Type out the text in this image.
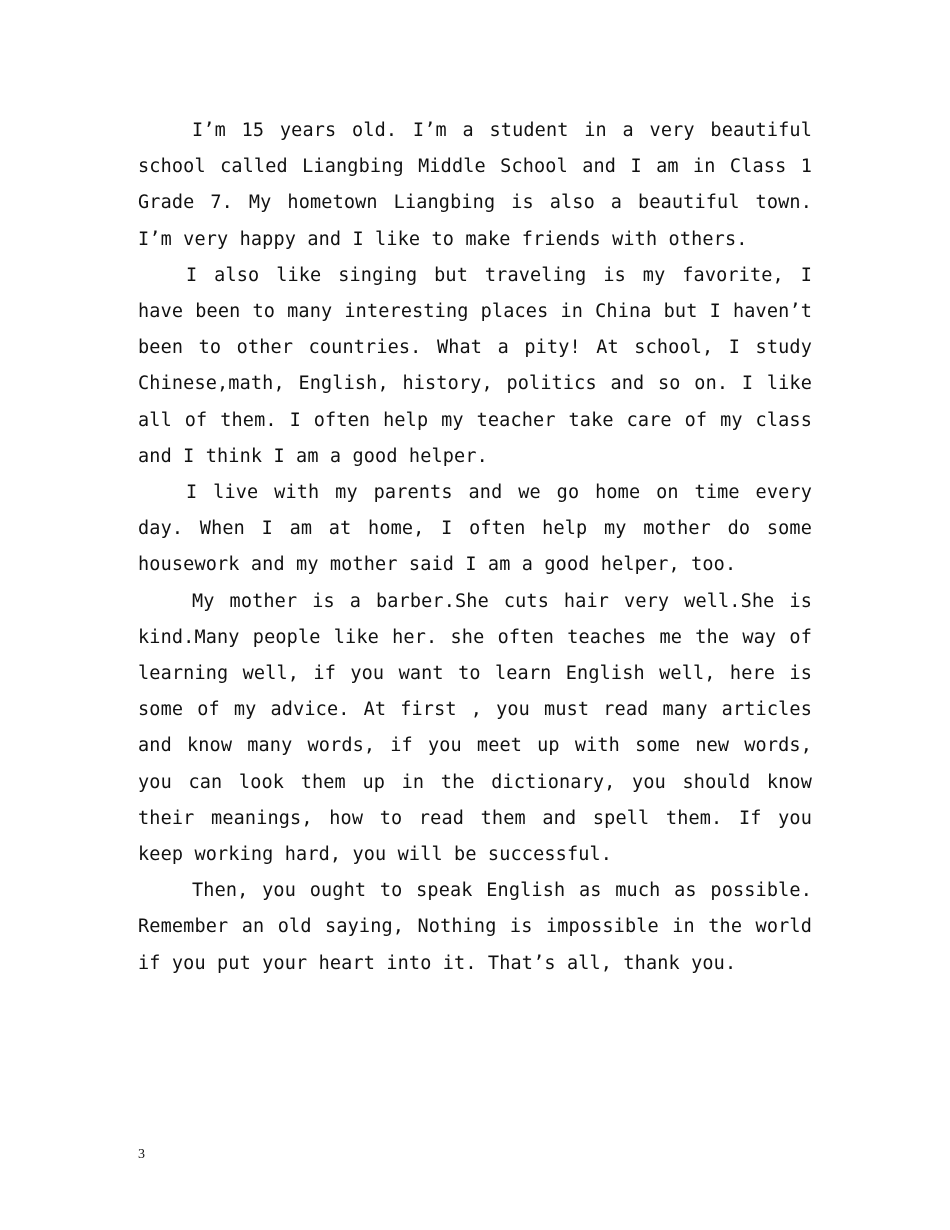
I’m 15 years old. I’m a student in a very beautiful school called Liangbing Middle School and I am in Class 1 Grade 7. My hometown Liangbing is also a beautiful town. I’m very happy and I like to make friends with others.

I also like singing but traveling is my favorite, I have been to many interesting places in China but I haven’t been to other countries. What a pity! At school, I study Chinese,math, English, history, politics and so on. I like all of them. I often help my teacher take care of my class and I think I am a good helper.

I live with my parents and we go home on time every day. When I am at home, I often help my mother do some housework and my mother said I am a good helper, too.

My mother is a barber.She cuts hair very well.She is kind.Many people like her. she often teaches me the way of learning well, if you want to learn English well, here is some of my advice. At first , you must read many articles and know many words, if you meet up with some new words, you can look them up in the dictionary, you should know their meanings, how to read them and spell them. If you keep working hard, you will be successful.

Then, you ought to speak English as much as possible. Remember an old saying, Nothing is impossible in the world if you put your heart into it. That’s all, thank you.

3
